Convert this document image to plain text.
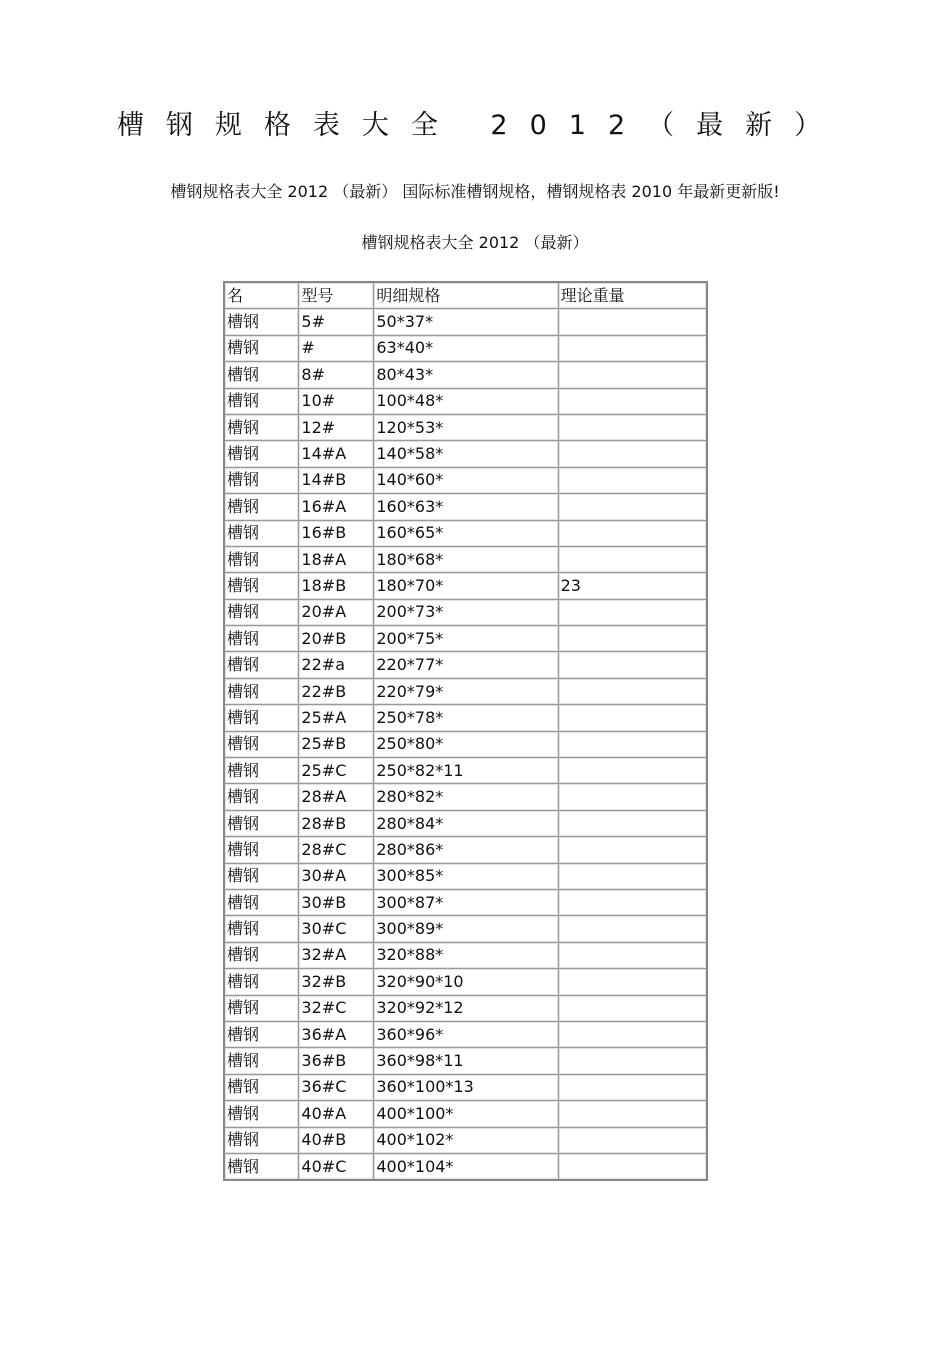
槽钢规格表大全 2012（最新）
槽钢规格表大全 2012 （最新） 国际标准槽钢规格，槽钢规格表 2010 年最新更新版!
槽钢规格表大全 2012 （最新）
名	型号	明细规格	理论重量
槽钢	5#	50*37*	
槽钢	#	63*40*	
槽钢	8#	80*43*	
槽钢	10#	100*48*	
槽钢	12#	120*53*	
槽钢	14#A	140*58*	
槽钢	14#B	140*60*	
槽钢	16#A	160*63*	
槽钢	16#B	160*65*	
槽钢	18#A	180*68*	
槽钢	18#B	180*70*	23
槽钢	20#A	200*73*	
槽钢	20#B	200*75*	
槽钢	22#a	220*77*	
槽钢	22#B	220*79*	
槽钢	25#A	250*78*	
槽钢	25#B	250*80*	
槽钢	25#C	250*82*11	
槽钢	28#A	280*82*	
槽钢	28#B	280*84*	
槽钢	28#C	280*86*	
槽钢	30#A	300*85*	
槽钢	30#B	300*87*	
槽钢	30#C	300*89*	
槽钢	32#A	320*88*	
槽钢	32#B	320*90*10	
槽钢	32#C	320*92*12	
槽钢	36#A	360*96*	
槽钢	36#B	360*98*11	
槽钢	36#C	360*100*13	
槽钢	40#A	400*100*	
槽钢	40#B	400*102*	
槽钢	40#C	400*104*	
